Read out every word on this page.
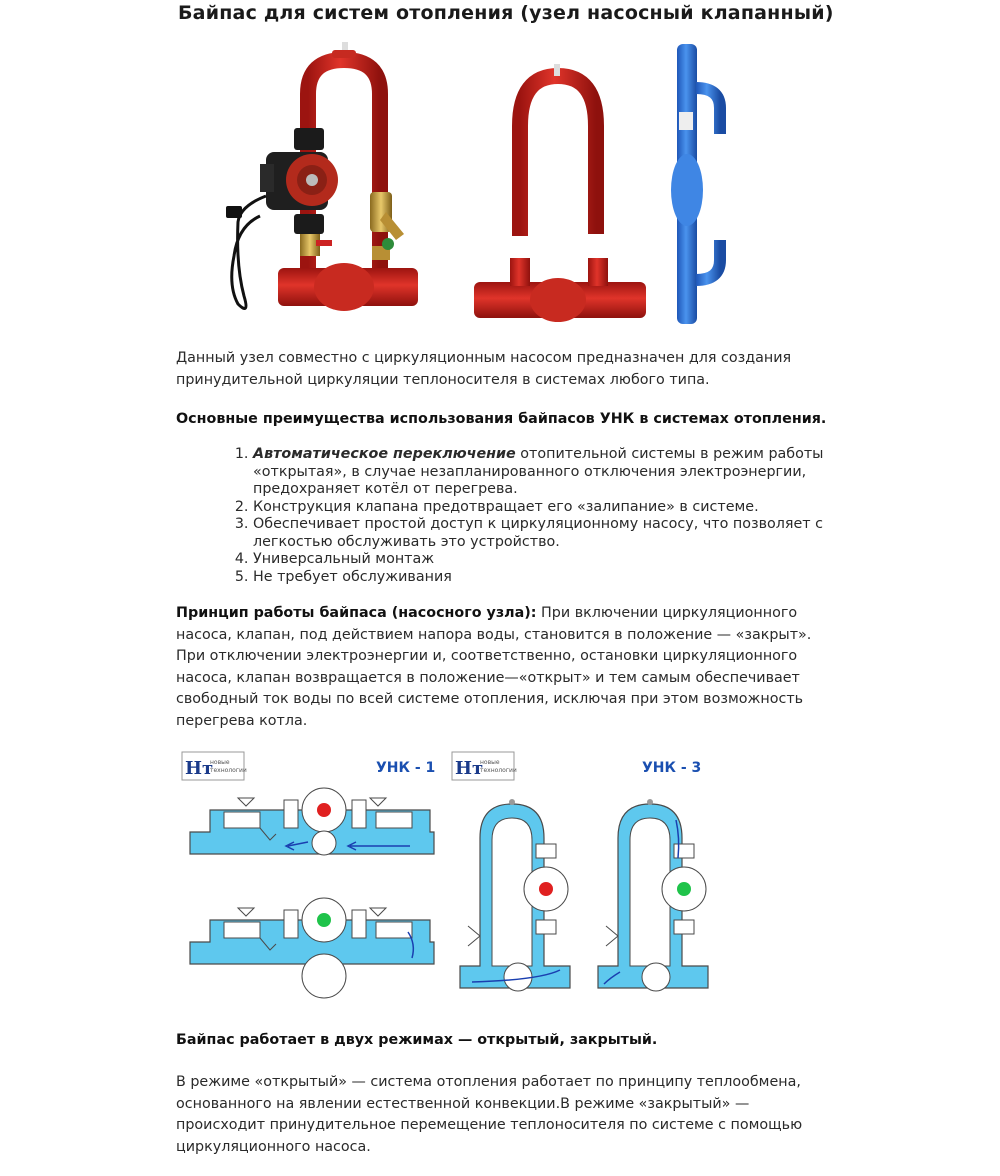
Байпас для систем отопления (узел насосный клапанный)
Данный узел совместно с циркуляционным насосом предназначен для создания принудительной циркуляции теплоносителя в системах любого типа.
Основные преимущества использования байпасов УНК в системах отопления.
1. Автоматическое переключение отопительной системы в режим работы «открытая», в случае незапланированного отключения электроэнергии, предохраняет котёл от перегрева.
2. Конструкция клапана предотвращает его «залипание» в системе.
3. Обеспечивает простой доступ к циркуляционному насосу, что позволяет с легкостью обслуживать это устройство.
4. Универсальный монтаж
5. Не требует обслуживания
Принцип работы байпаса (насосного узла): При включении циркуляционного насоса, клапан, под действием напора воды, становится в положение — «закрыт». При отключении электроэнергии и, соответственно, остановки циркуляционного насоса, клапан возвращается в положение—«открыт» и тем самым обеспечивает свободный ток воды по всей системе отопления, исключая при этом возможность перегрева котла.
Нт
новые
технологии	Нт
новые
технологии
УНК - 1	УНК - 3
Байпас работает в двух режимах — открытый, закрытый.
В режиме «открытый» — система отопления работает по принципу теплообмена, основанного на явлении естественной конвекции.В режиме «закрытый» — происходит принудительное перемещение теплоносителя по системе с помощью циркуляционного насоса.
